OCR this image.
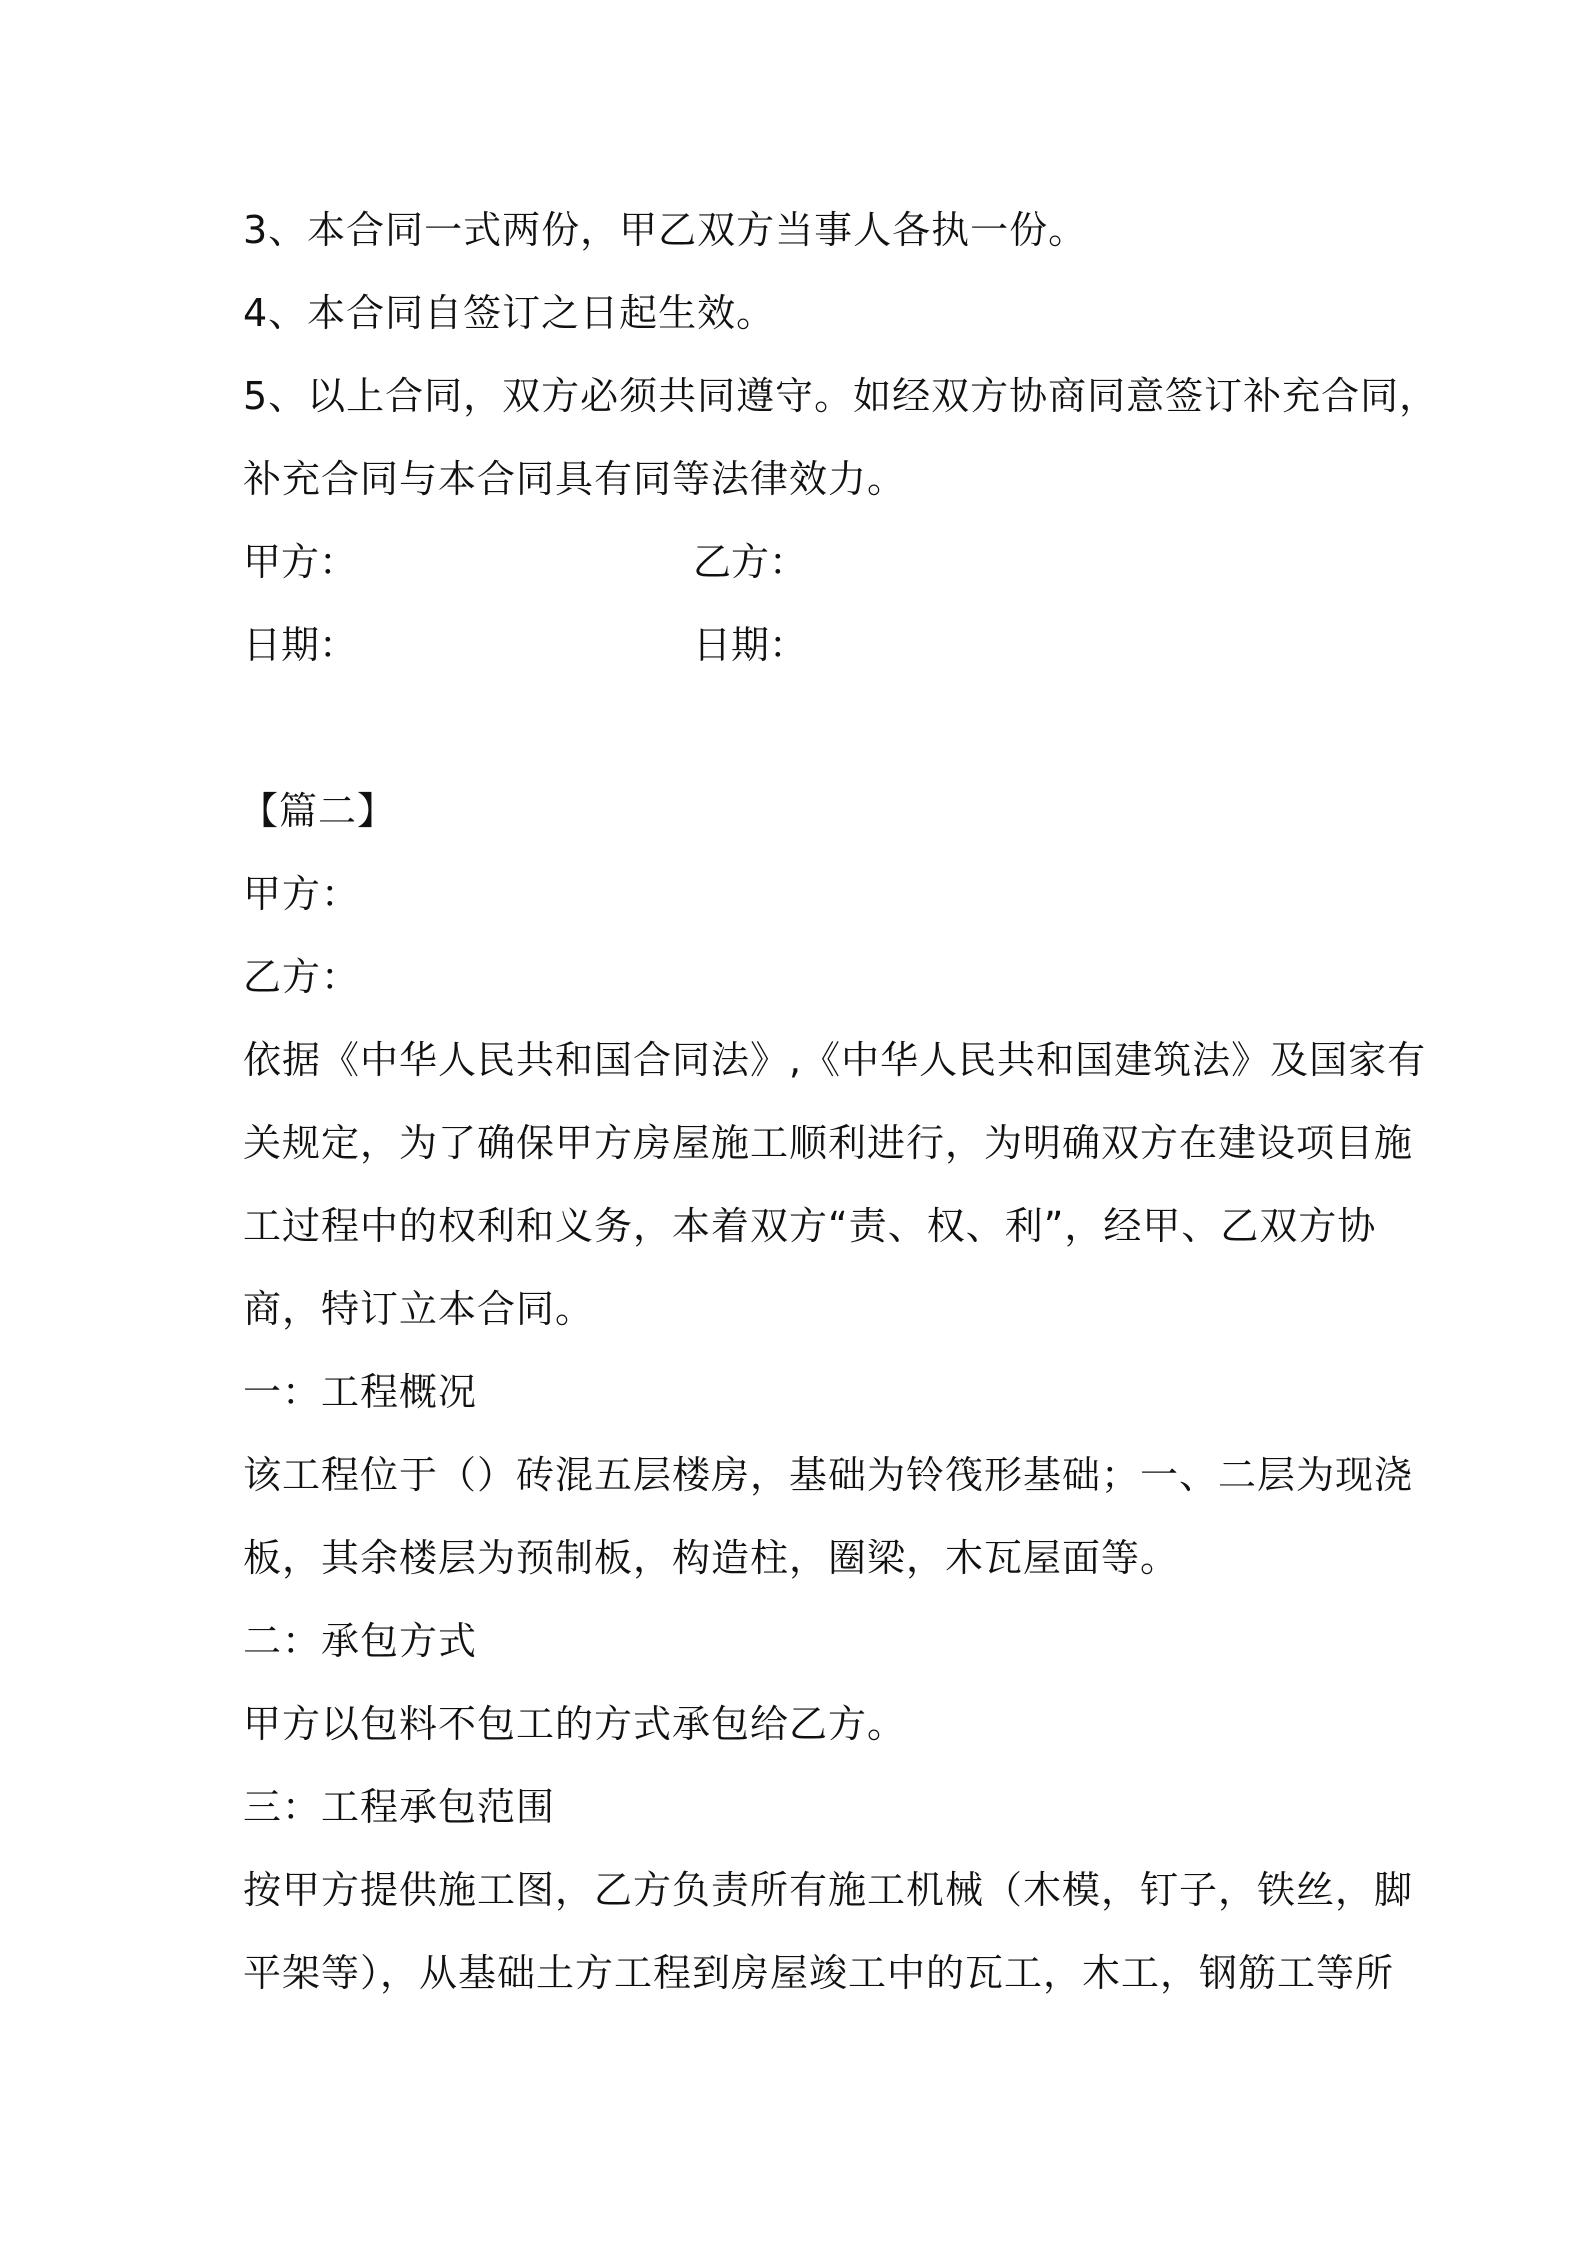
3、本合同一式两份，甲乙双方当事人各执一份。
4、本合同自签订之日起生效。
5、以上合同，双方必须共同遵守。如经双方协商同意签订补充合同，
补充合同与本合同具有同等法律效力。
甲方：	乙方：
日期：	日期：
【篇二】
甲方：
乙方：
依据《中华人民共和国合同法》,《中华人民共和国建筑法》及国家有
关规定，为了确保甲方房屋施工顺利进行，为明确双方在建设项目施
工过程中的权利和义务，本着双方“责、权、利”，经甲、乙双方协
商，特订立本合同。
一：工程概况
该工程位于（）砖混五层楼房，基础为铃筏形基础；一、二层为现浇
板，其余楼层为预制板，构造柱，圈梁，木瓦屋面等。
二：承包方式
甲方以包料不包工的方式承包给乙方。
三：工程承包范围
按甲方提供施工图，乙方负责所有施工机械（木模，钉子，铁丝，脚
平架等），从基础土方工程到房屋竣工中的瓦工，木工，钢筋工等所
